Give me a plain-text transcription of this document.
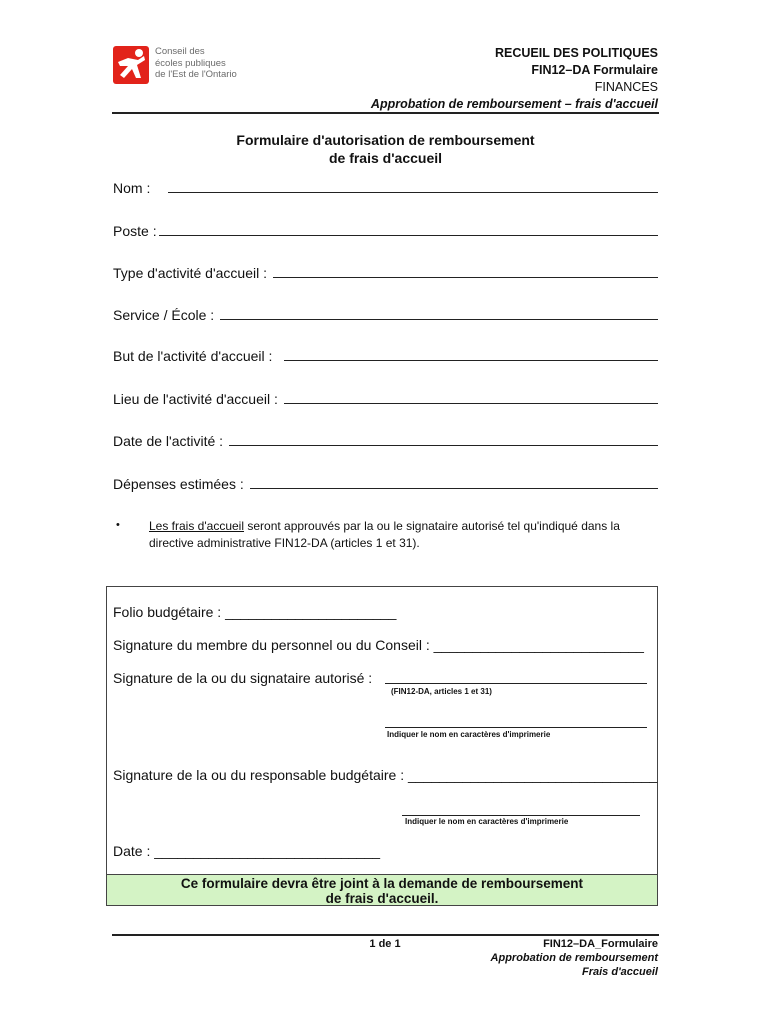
Conseil des
écoles publiques
de l'Est de l'Ontario
RECUEIL DES POLITIQUES
FIN12–DA Formulaire
FINANCES
Approbation de remboursement – frais d'accueil
Formulaire d'autorisation de remboursement
de frais d'accueil
Nom :
Poste :
Type d'activité d'accueil :
Service / École :
But de l'activité d'accueil :
Lieu de l'activité d'accueil :
Date de l'activité :
Dépenses estimées :
• Les frais d'accueil seront approuvés par la ou le signataire autorisé tel qu'indiqué dans la directive administrative FIN12-DA (articles 1 et 31).
Folio budgétaire : ______________________
Signature du membre du personnel ou du Conseil : ___________________________
Signature de la ou du signataire autorisé :
(FIN12-DA, articles 1 et 31)
Indiquer le nom en caractères d'imprimerie
Signature de la ou du responsable budgétaire : ________________________________
Indiquer le nom en caractères d'imprimerie
Date : _____________________________
Ce formulaire devra être joint à la demande de remboursement
de frais d'accueil.
1 de 1	FIN12–DA_Formulaire
Approbation de remboursement
Frais d'accueil
